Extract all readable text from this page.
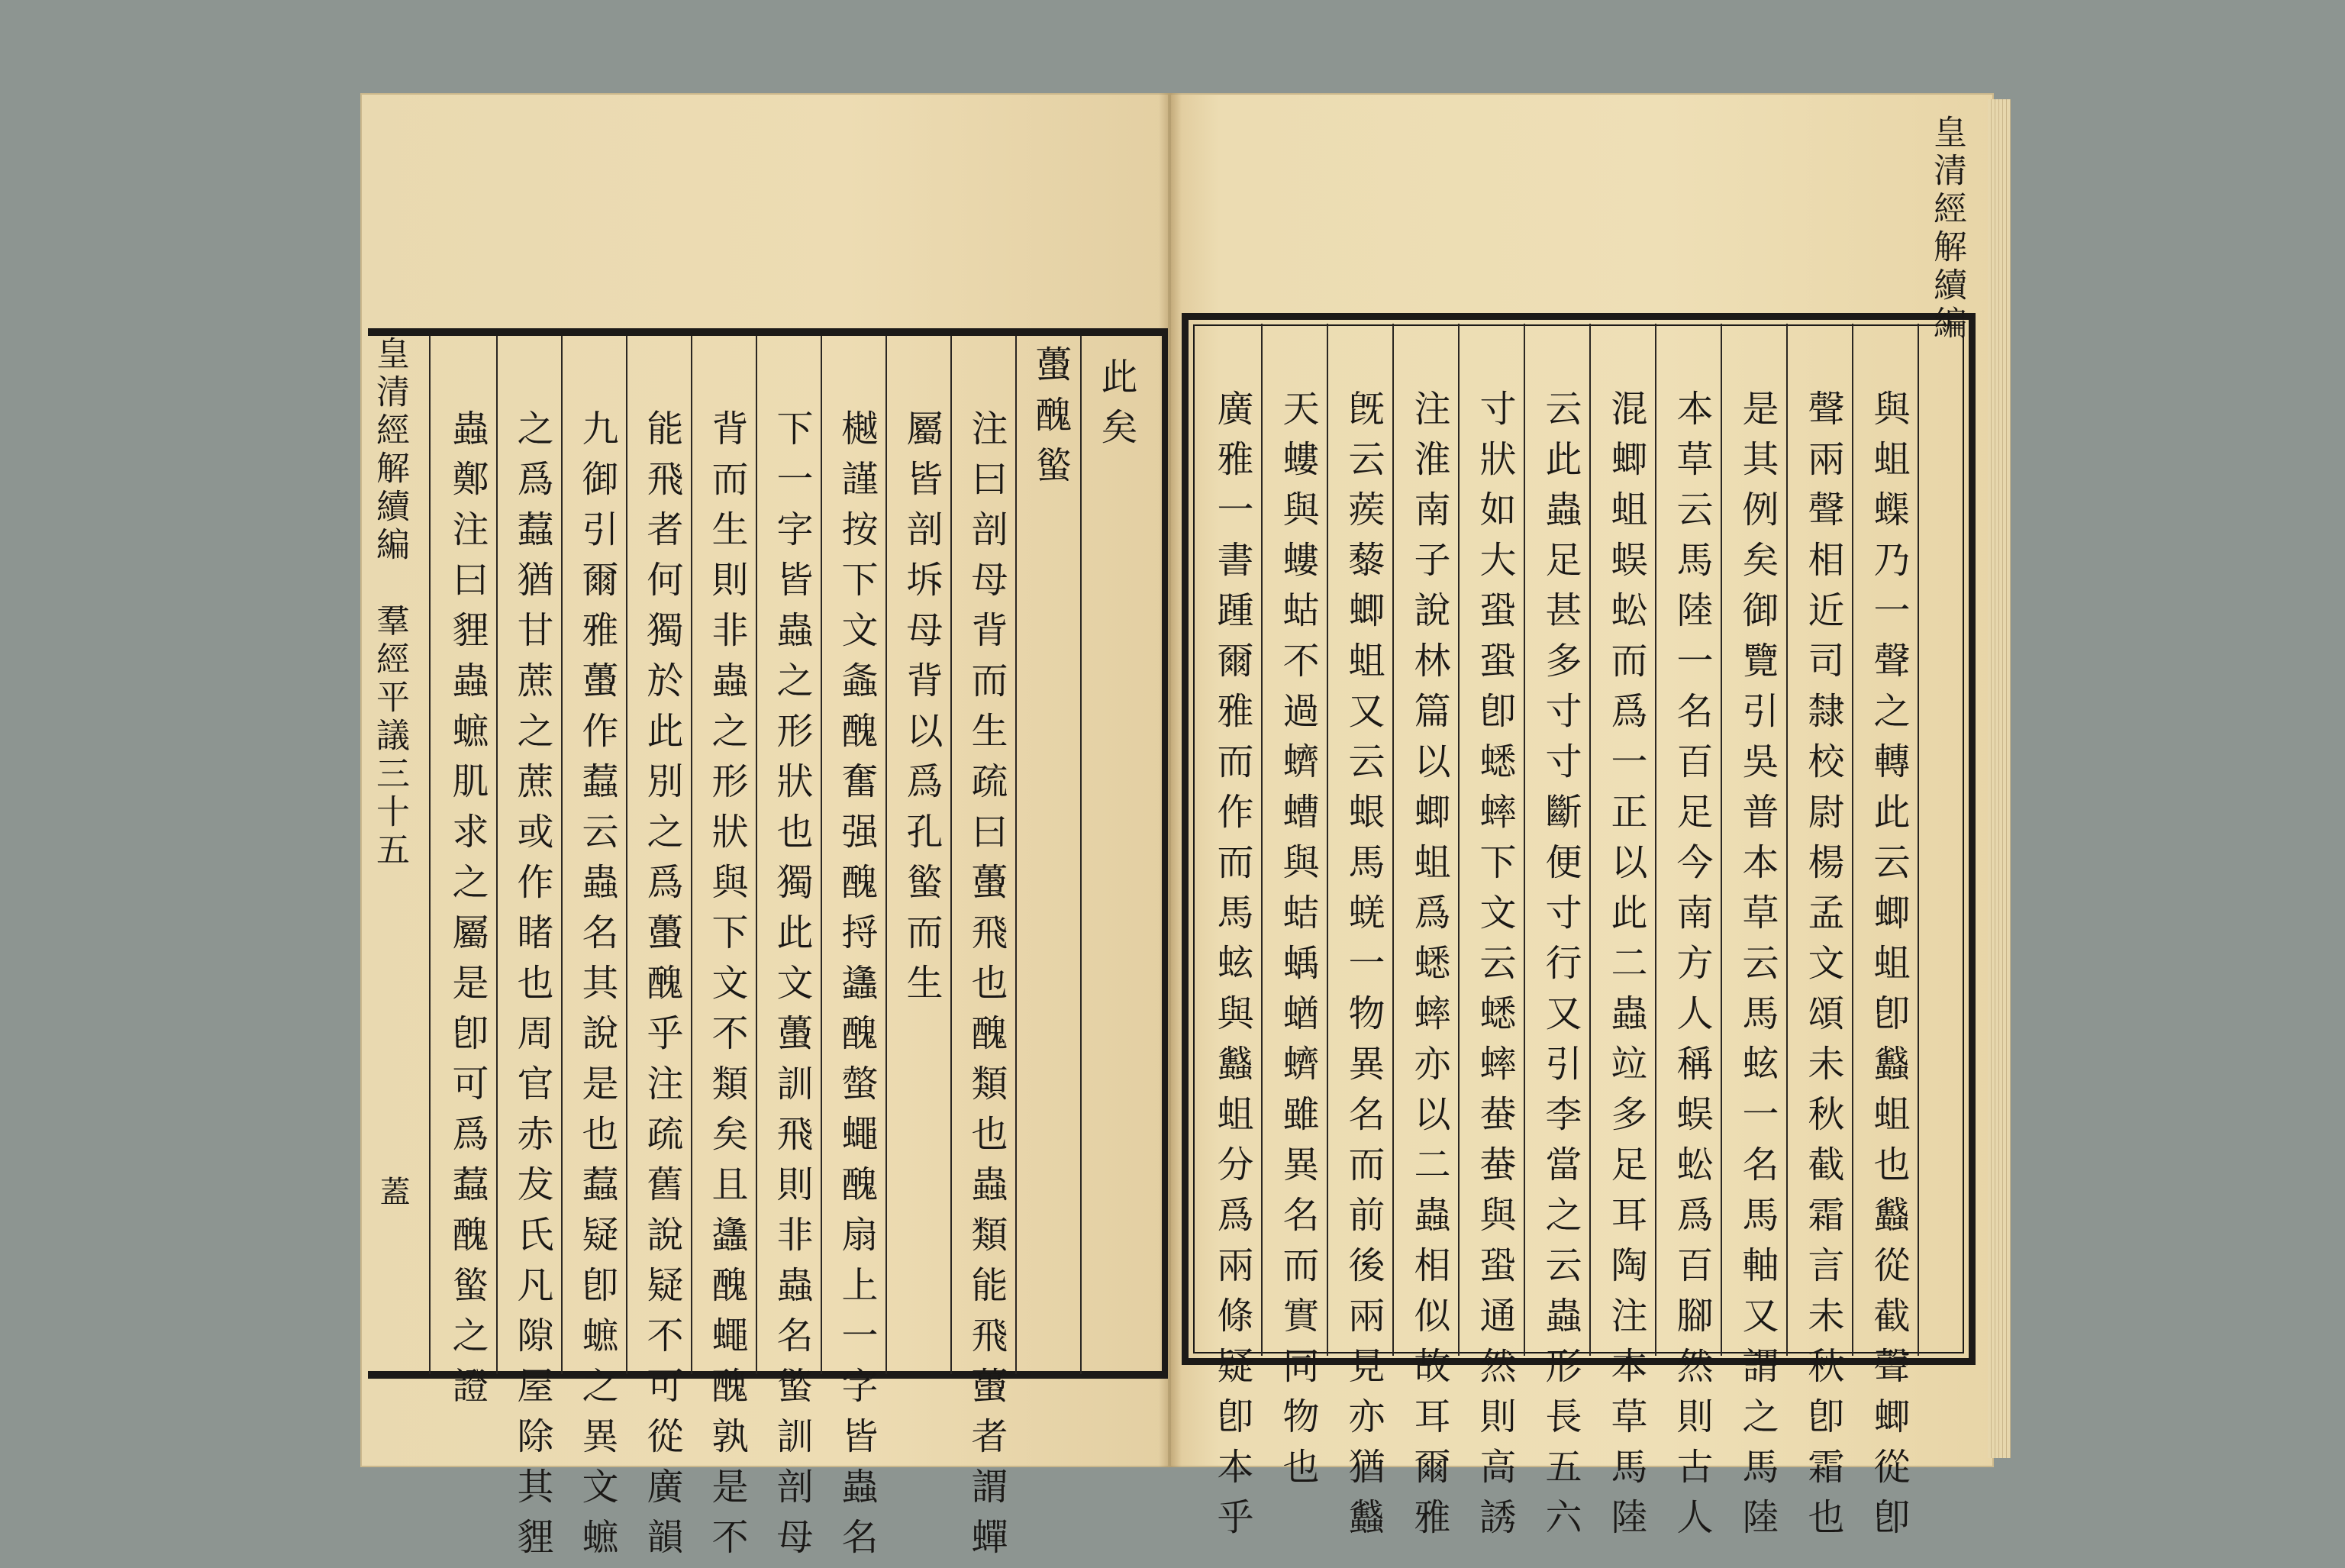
皇清經解續編
羣經平議三十五
蓋
此矣
蠆醜螸
注曰剖母背而生疏曰蠆飛也醜類也蟲類能飛蠆者謂蟬
屬皆剖坼母背以爲孔螸而生
樾謹按下文螽醜奮强醜捋蠭醜螫蠅醜扇上一字皆蟲名
下一字皆蟲之形狀也獨此文蠆訓飛則非蟲名螸訓剖母
背而生則非蟲之形狀與下文不類矣且蠭醜蠅醜孰是不
能飛者何獨於此別之爲蠆醜乎注疏舊說疑不可從廣韻
九御引爾雅蠆作蠚云蟲名其說是也蠚疑卽蟅之異文蟅
之爲蠚猶甘蔗之蔗或作睹也周官赤犮氏凡隙屋除其貍
蟲鄭注曰貍蟲蟅肌求之屬是卽可爲蠚醜螸之證
皇清經解續編
與蛆蟝乃一聲之轉此云蝍蛆卽蠽蛆也蠽從截聲蝍從卽
聲兩聲相近司隸校尉楊孟文頌未秋截霜言未秋卽霜也
是其例矣御覽引吳普本草云馬蚿一名馬軸又謂之馬陸
本草云馬陸一名百足今南方人稱蜈蚣爲百腳然則古人
混蝍蛆蜈蚣而爲一正以此二蟲竝多足耳陶注本草馬陸
云此蟲足甚多寸寸斷便寸行又引李當之云蟲形長五六
寸狀如大蛩蛩卽蟋蟀下文云蟋蟀蛬蛬與蛩通然則高誘
注淮南子說林篇以蝍蛆爲蟋蟀亦以二蟲相似故耳爾雅
旣云蒺藜蝍蛆又云蛝馬蜣一物異名而前後兩見亦猶蠽
天螻與螻蛄不過蠐螬與蛣蝺蝤蠐雖異名而實同物也
廣雅一書踵爾雅而作而馬蚿與蠽蛆分爲兩條疑卽本乎
